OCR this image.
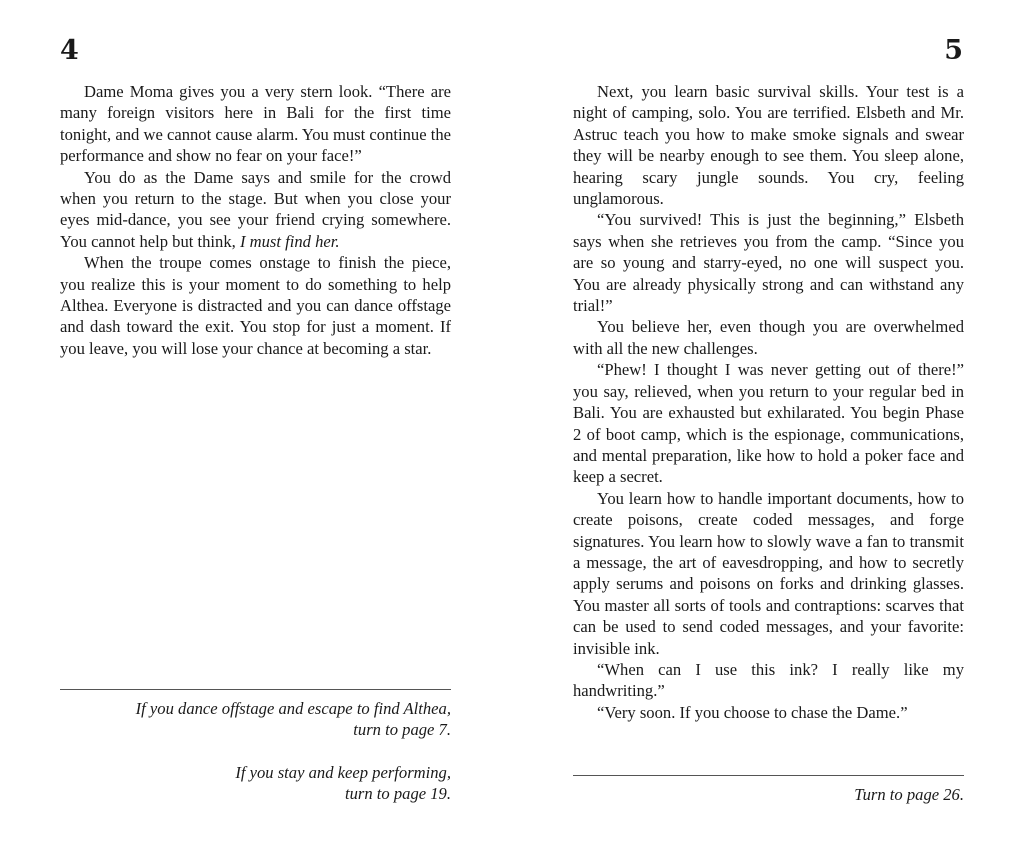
4	5

Dame Moma gives you a very stern look. “There are many foreign visitors here in Bali for the first time tonight, and we cannot cause alarm. You must continue the performance and show no fear on your face!”

You do as the Dame says and smile for the crowd when you return to the stage. But when you close your eyes mid-dance, you see your friend crying somewhere. You cannot help but think, I must find her.

When the troupe comes onstage to finish the piece, you realize this is your moment to do something to help Althea. Everyone is distracted and you can dance offstage and dash toward the exit. You stop for just a moment. If you leave, you will lose your chance at becoming a star.

If you dance offstage and escape to find Althea,
turn to page 7.
If you stay and keep performing,
turn to page 19.

Next, you learn basic survival skills. Your test is a night of camping, solo. You are terrified. Elsbeth and Mr. Astruc teach you how to make smoke signals and swear they will be nearby enough to see them. You sleep alone, hearing scary jungle sounds. You cry, feeling unglamorous.

“You survived! This is just the beginning,” Elsbeth says when she retrieves you from the camp. “Since you are so young and starry-eyed, no one will suspect you. You are already physically strong and can withstand any trial!”

You believe her, even though you are overwhelmed with all the new challenges.

“Phew! I thought I was never getting out of there!” you say, relieved, when you return to your regular bed in Bali. You are exhausted but exhilarated. You begin Phase 2 of boot camp, which is the espionage, communications, and mental preparation, like how to hold a poker face and keep a secret.

You learn how to handle important documents, how to create poisons, create coded messages, and forge signatures. You learn how to slowly wave a fan to transmit a message, the art of eavesdropping, and how to secretly apply serums and poisons on forks and drinking glasses. You master all sorts of tools and contraptions: scarves that can be used to send coded messages, and your favorite: invisible ink.

“When can I use this ink? I really like my handwriting.”

“Very soon. If you choose to chase the Dame.”

Turn to page 26.
